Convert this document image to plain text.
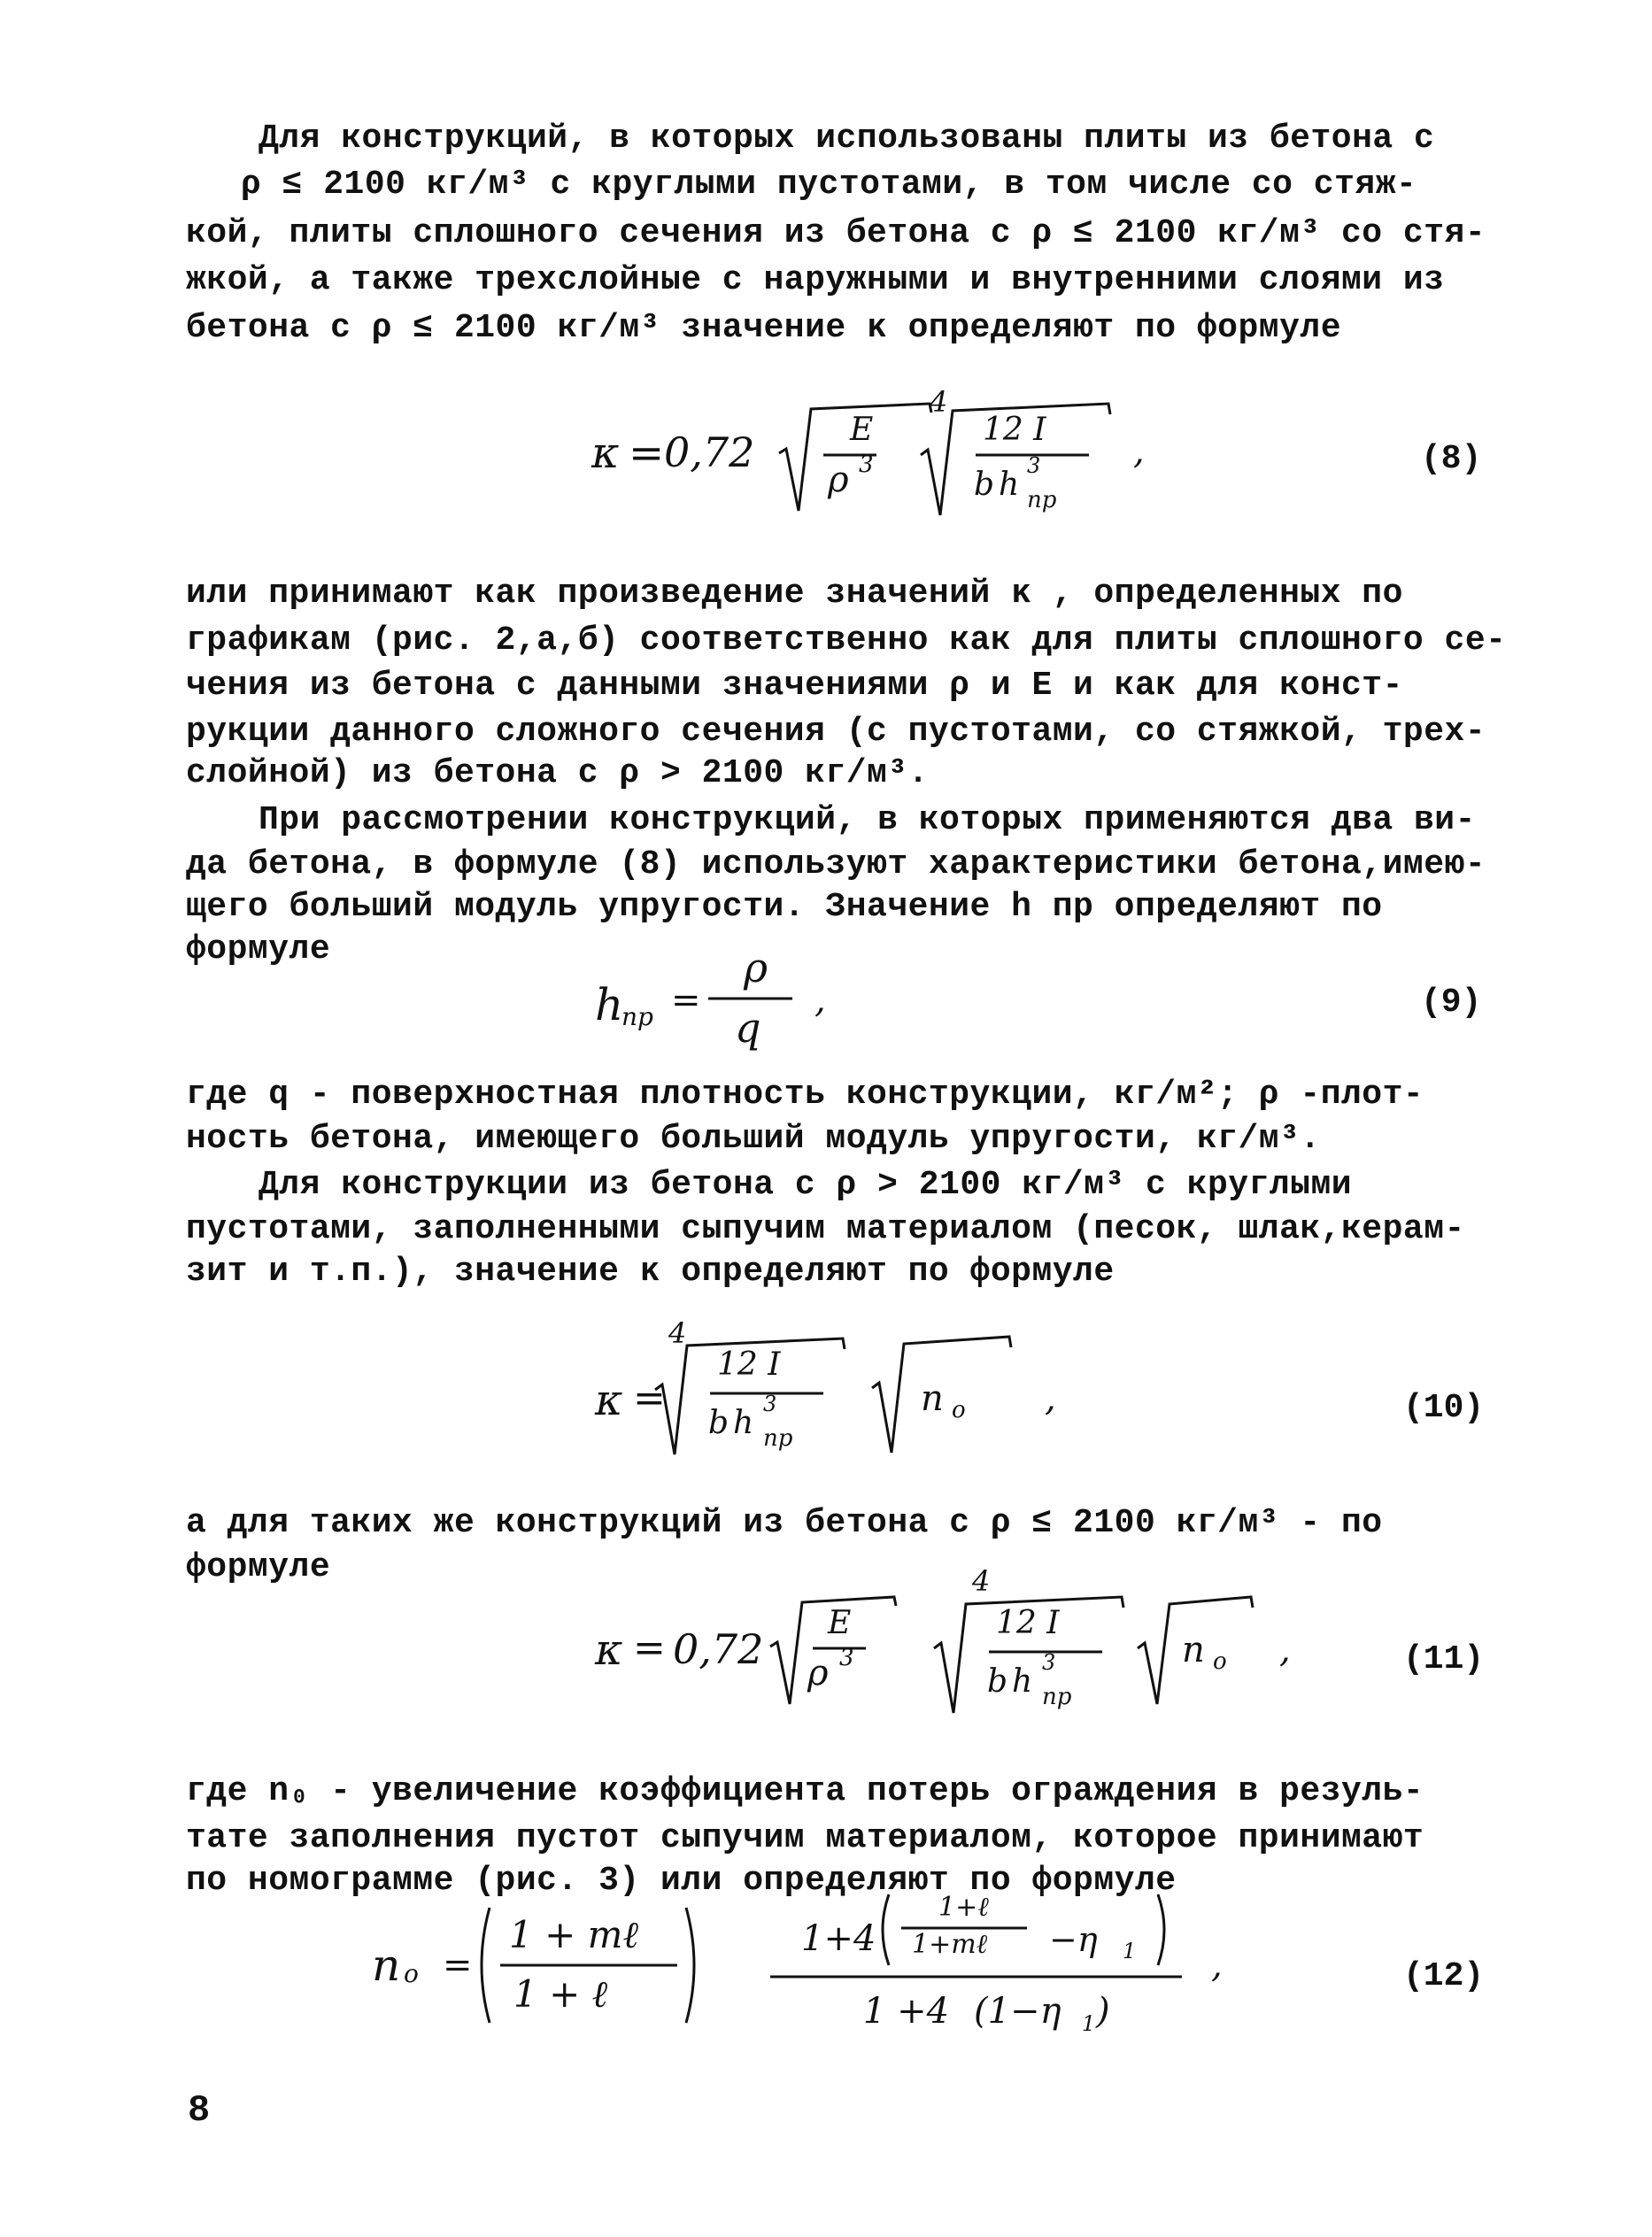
Для конструкций, в которых использованы плиты из бетона с
ρ ≤ 2100 кг/м³ с круглыми пустотами, в том числе со стяж-
кой, плиты сплошного сечения из бетона с ρ ≤ 2100 кг/м³ со стя-
жкой, а также трехслойные с наружными и внутренними слоями из
бетона с ρ ≤ 2100 кг/м³ значение κ определяют по формуле
κ = 0,72	E
ρ 3
4
12 I
b h
3
пр
,	(8)
или принимают как произведение значений κ , определенных по
графикам (рис. 2,а,б) соответственно как для плиты сплошного се-
чения из бетона с данными значениями ρ и E и как для конст-
рукции данного сложного сечения (с пустотами, со стяжкой, трех-
слойной) из бетона с ρ > 2100 кг/м³.
При рассмотрении конструкций, в которых применяются два ви-
да бетона, в формуле (8) используют характеристики бетона,имею-
щего больший модуль упругости. Значение h пр определяют по
формуле
h
пр =
ρ
q
,	(9)
где q - поверхностная плотность конструкции, кг/м²; ρ -плот-
ность бетона, имеющего больший модуль упругости, кг/м³.
Для конструкции из бетона с ρ > 2100 кг/м³ с круглыми
пустотами, заполненными сыпучим материалом (песок, шлак,керам-
зит и т.п.), значение κ определяют по формуле
κ =
4
12 I
b h
3
пр
n o ,	(10)
а для таких же конструкций из бетона с ρ ≤ 2100 кг/м³ - по
формуле
κ = 0,72
E
ρ 3
4
12 I
b h
3
пр
n o ,	(11)
где n₀ - увеличение коэффициента потерь ограждения в резуль-
тате заполнения пустот сыпучим материалом, которое принимают
по номограмме (рис. 3) или определяют по формуле
n o =
1 + mℓ
1 + ℓ
1+4
1+ℓ
1+mℓ −η 1
1 +4 (1−η 1 )
,	(12)
8
